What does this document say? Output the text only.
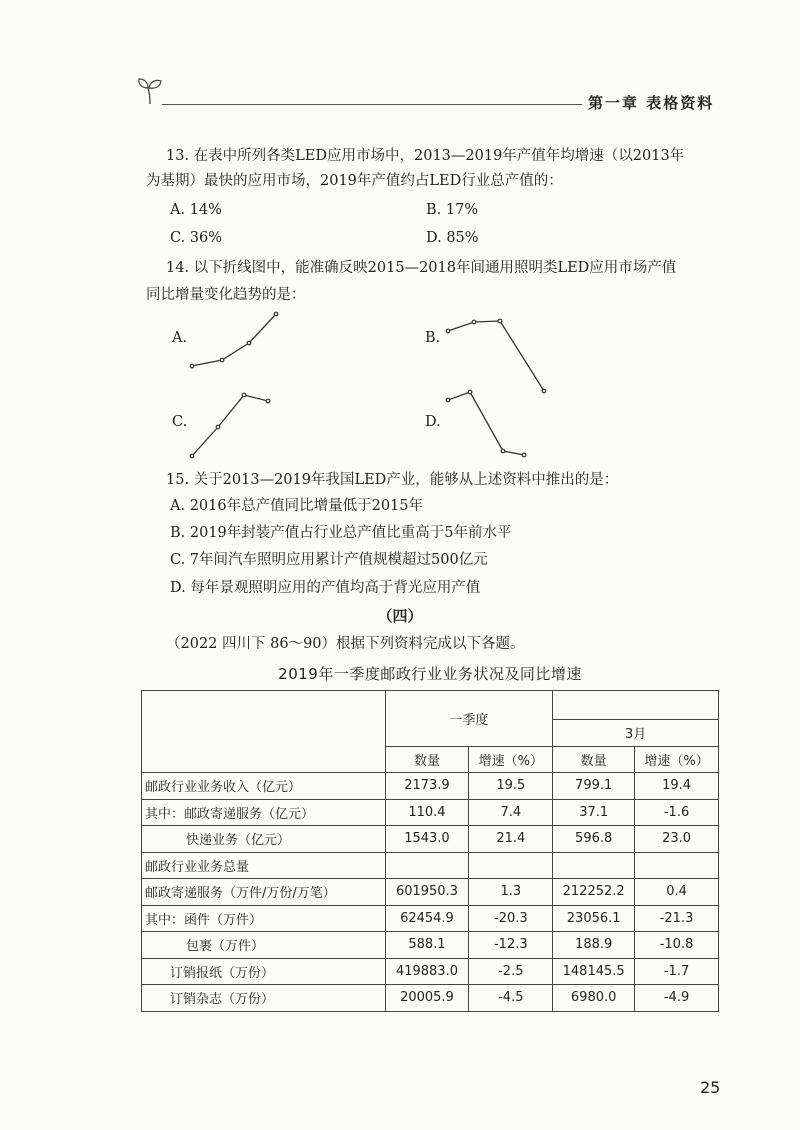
第一章 表格资料
13. 在表中所列各类LED应用市场中，2013—2019年产值年均增速（以2013年
为基期）最快的应用市场，2019年产值约占LED行业总产值的：
A. 14%	B. 17%
C. 36%	D. 85%
14. 以下折线图中，能准确反映2015—2018年间通用照明类LED应用市场产值
同比增量变化趋势的是：
A.	B.
C.	D.
15. 关于2013—2019年我国LED产业，能够从上述资料中推出的是：
A. 2016年总产值同比增量低于2015年
B. 2019年封装产值占行业总产值比重高于5年前水平
C. 7年间汽车照明应用累计产值规模超过500亿元
D. 每年景观照明应用的产值均高于背光应用产值
（四）
（2022 四川下 86～90）根据下列资料完成以下各题。
2019年一季度邮政行业业务状况及同比增速
	一季度			
			3月	
	数量	增速（%）	数量	增速（%）
邮政行业业务收入（亿元）	2173.9	19.5	799.1	19.4
其中：邮政寄递服务（亿元）	110.4	7.4	37.1	-1.6
快递业务（亿元）	1543.0	21.4	596.8	23.0
邮政行业业务总量				
邮政寄递服务（万件/万份/万笔）	601950.3	1.3	212252.2	0.4
其中：函件（万件）	62454.9	-20.3	23056.1	-21.3
包裹（万件）	588.1	-12.3	188.9	-10.8
订销报纸（万份）	419883.0	-2.5	148145.5	-1.7
订销杂志（万份）	20005.9	-4.5	6980.0	-4.9
25
